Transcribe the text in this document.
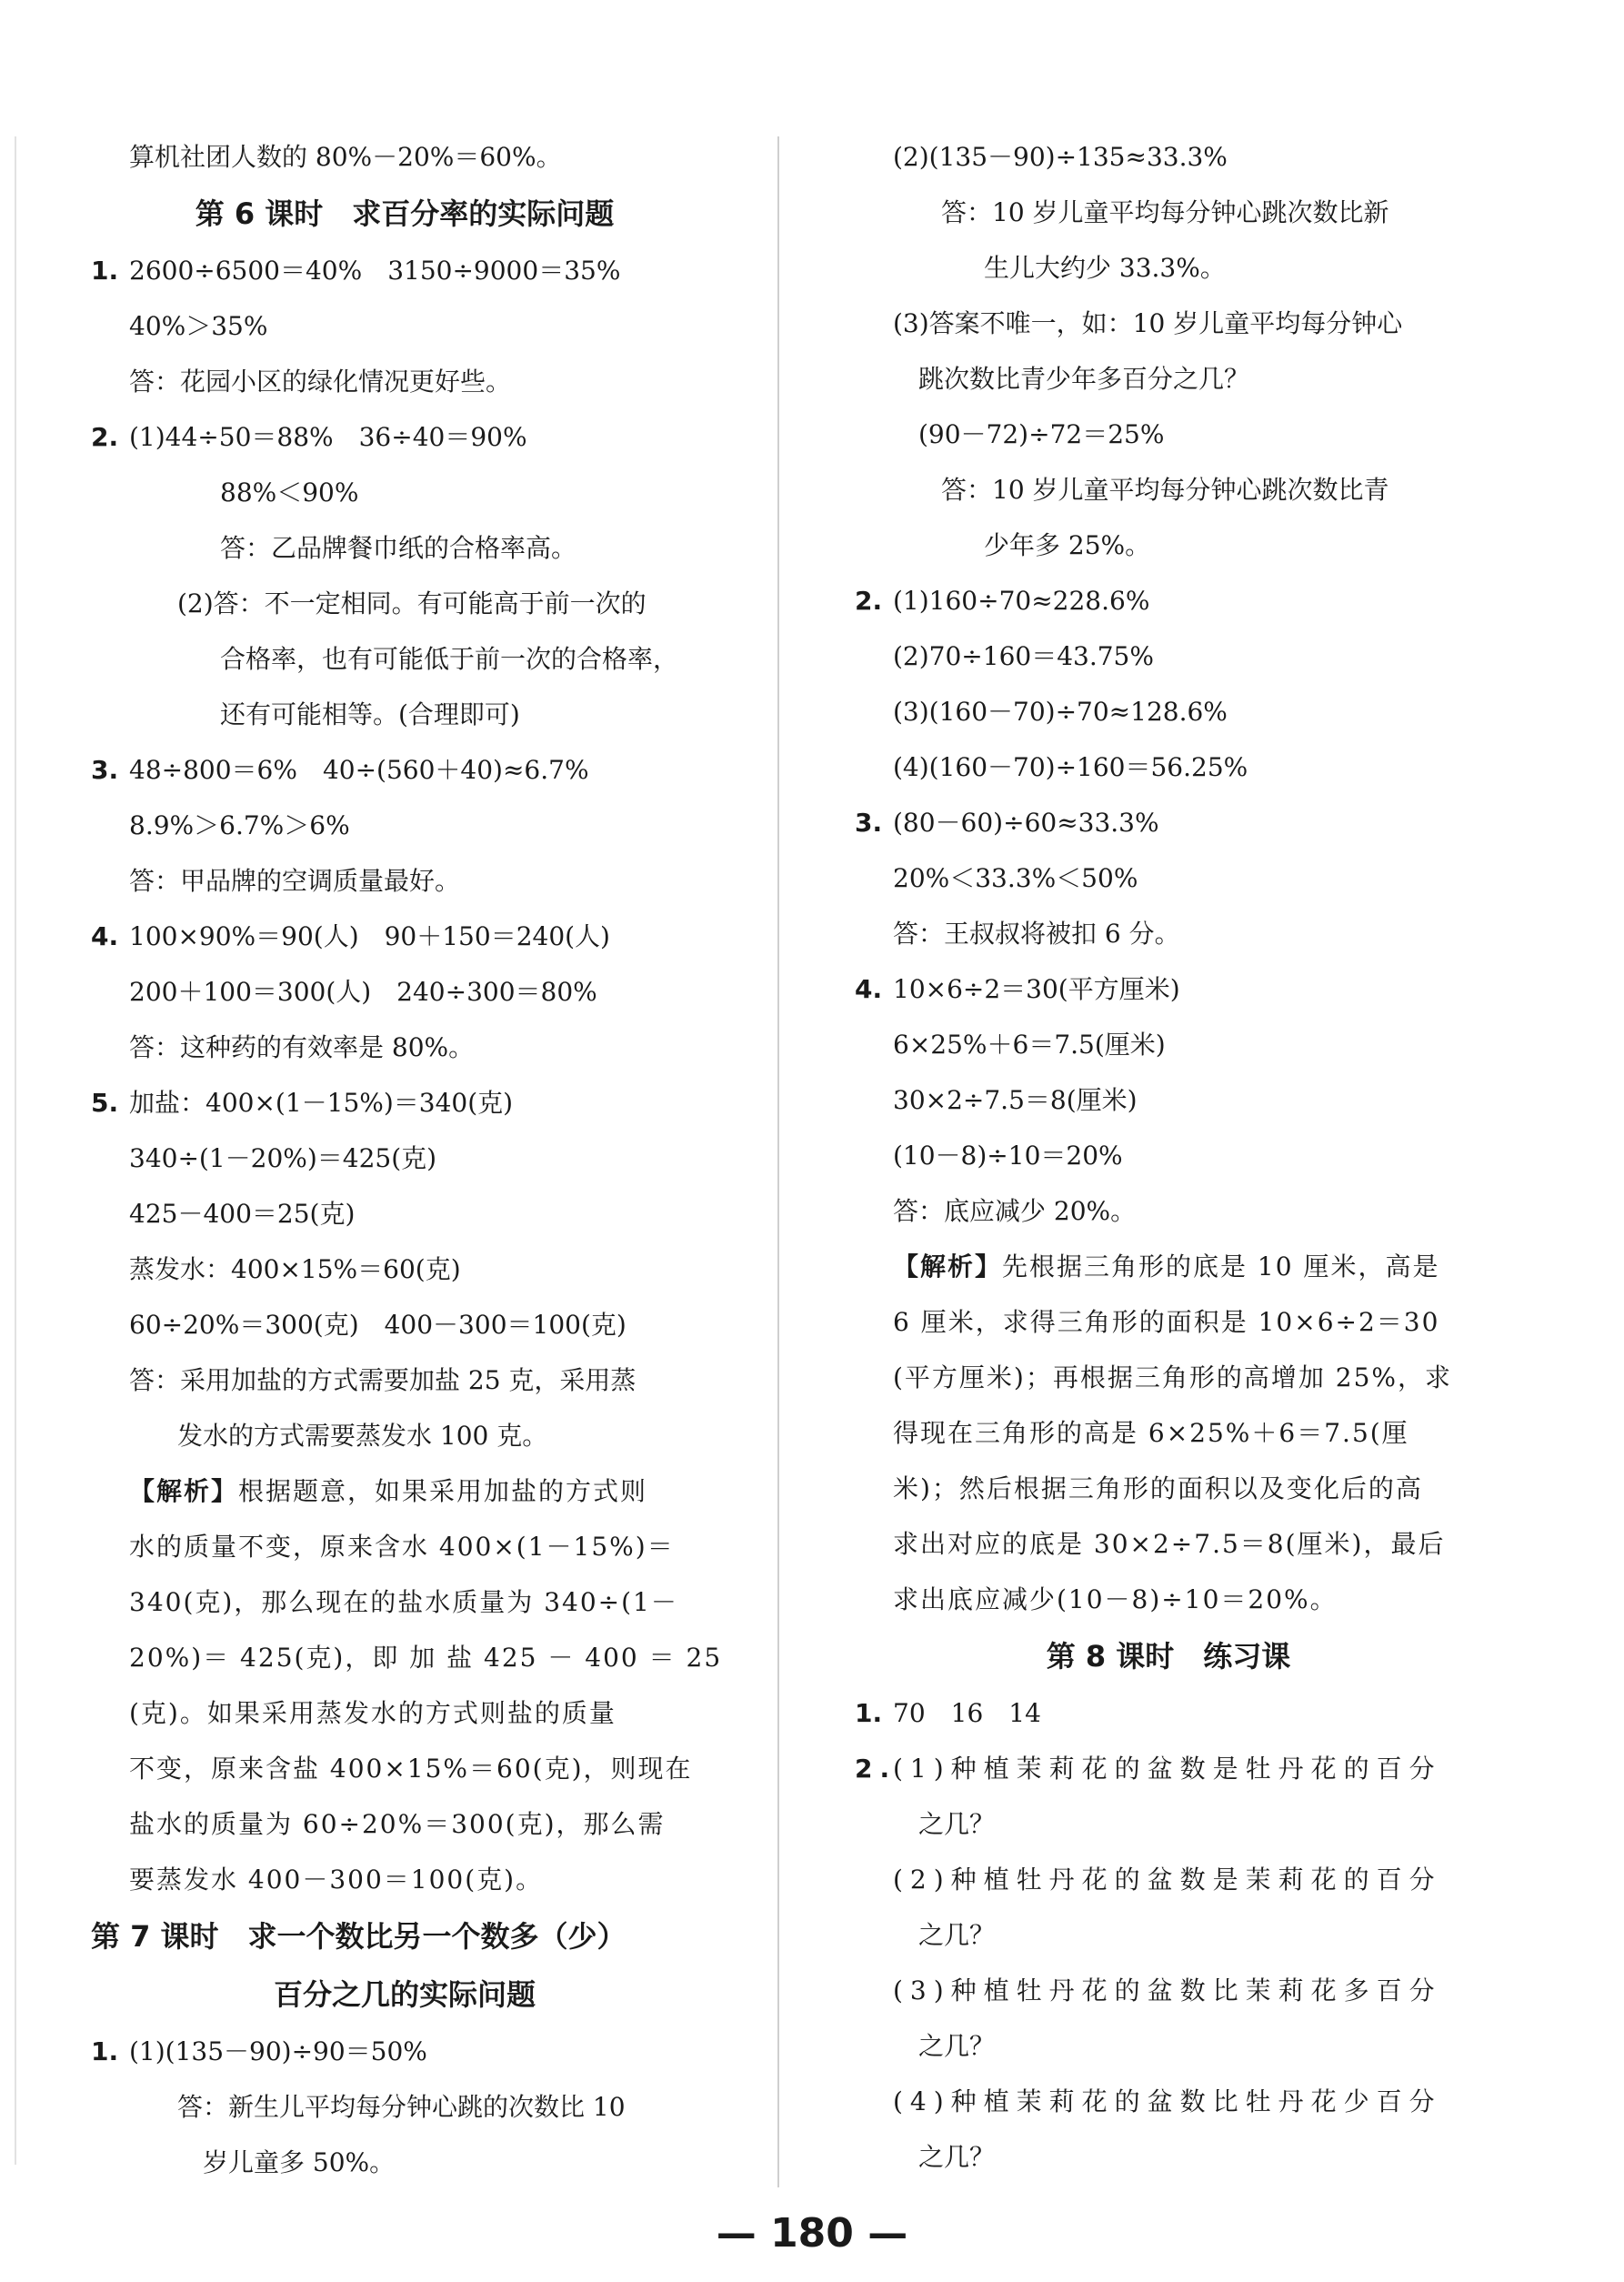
算机社团人数的 80%－20%＝60%。
第 6 课时　求百分率的实际问题
1. 2600÷6500＝40%　3150÷9000＝35%
40%＞35%
答：花园小区的绿化情况更好些。
2. (1)44÷50＝88%　36÷40＝90%
88%＜90%
答：乙品牌餐巾纸的合格率高。
(2)答：不一定相同。有可能高于前一次的
合格率，也有可能低于前一次的合格率，
还有可能相等。(合理即可)
3. 48÷800＝6%　40÷(560＋40)≈6.7%
8.9%＞6.7%＞6%
答：甲品牌的空调质量最好。
4. 100×90%＝90(人)　90＋150＝240(人)
200＋100＝300(人)　240÷300＝80%
答：这种药的有效率是 80%。
5. 加盐：400×(1－15%)＝340(克)
340÷(1－20%)＝425(克)
425－400＝25(克)
蒸发水：400×15%＝60(克)
60÷20%＝300(克)　400－300＝100(克)
答：采用加盐的方式需要加盐 25 克，采用蒸
发水的方式需要蒸发水 100 克。
【解析】根据题意，如果采用加盐的方式则
水的质量不变，原来含水 400×(1－15%)＝
340(克)，那么现在的盐水质量为 340÷(1－
20%)＝ 425(克)，即 加 盐 425 － 400 ＝ 25
(克)。如果采用蒸发水的方式则盐的质量
不变，原来含盐 400×15%＝60(克)，则现在
盐水的质量为 60÷20%＝300(克)，那么需
要蒸发水 400－300＝100(克)。
第 7 课时　求一个数比另一个数多（少）
百分之几的实际问题
1. (1)(135－90)÷90＝50%
答：新生儿平均每分钟心跳的次数比 10
　岁儿童多 50%。
(2)(135－90)÷135≈33.3%
答：10 岁儿童平均每分钟心跳次数比新
生儿大约少 33.3%。
(3)答案不唯一，如：10 岁儿童平均每分钟心
　跳次数比青少年多百分之几？
　(90－72)÷72＝25%
答：10 岁儿童平均每分钟心跳次数比青
少年多 25%。
2. (1)160÷70≈228.6%
(2)70÷160＝43.75%
(3)(160－70)÷70≈128.6%
(4)(160－70)÷160＝56.25%
3. (80－60)÷60≈33.3%
20%＜33.3%＜50%
答：王叔叔将被扣 6 分。
4. 10×6÷2＝30(平方厘米)
6×25%＋6＝7.5(厘米)
30×2÷7.5＝8(厘米)
(10－8)÷10＝20%
答：底应减少 20%。
【解析】先根据三角形的底是 10 厘米，高是
6 厘米，求得三角形的面积是 10×6÷2＝30
(平方厘米)；再根据三角形的高增加 25%，求
得现在三角形的高是 6×25%＋6＝7.5(厘
米)；然后根据三角形的面积以及变化后的高
求出对应的底是 30×2÷7.5＝8(厘米)，最后
求出底应减少(10－8)÷10＝20%。
第 8 课时　练习课
1. 70　16　14
2.
(1)种植茉莉花的盆数是牡丹花的百分
　之几？
(2)种植牡丹花的盆数是茉莉花的百分
　之几？
(3)种植牡丹花的盆数比茉莉花多百分
　之几？
(4)种植茉莉花的盆数比牡丹花少百分
　之几？
— 180 —
